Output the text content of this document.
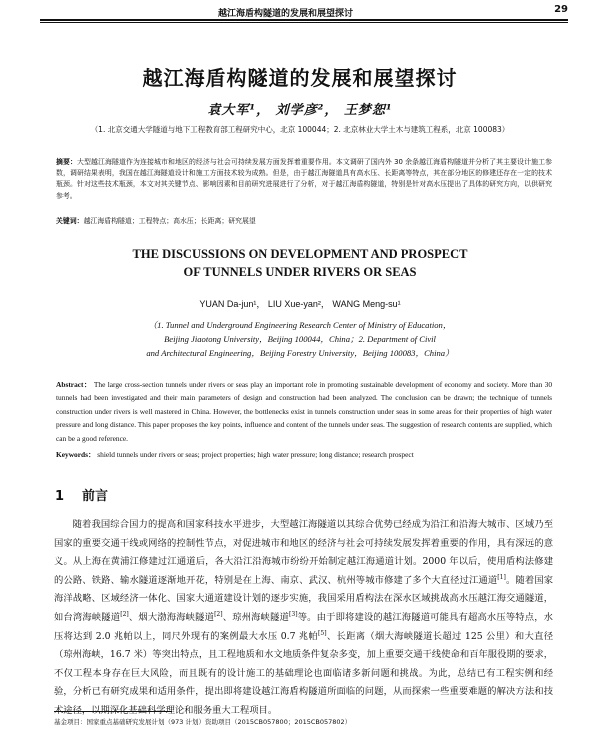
越江海盾构隧道的发展和展望探讨	29
越江海盾构隧道的发展和展望探讨
袁大军¹， 刘学彦²， 王梦恕¹
（1. 北京交通大学隧道与地下工程教育部工程研究中心，北京 100044；2. 北京林业大学土木与建筑工程系，北京 100083）
摘要：大型越江海隧道作为连接城市和地区的经济与社会可持续发展方面发挥着重要作用。本文调研了国内外 30 余条越江海盾构隧道并分析了其主要设计施工参数，调研结果表明，我国在越江海隧道设计和施工方面技术较为成熟。但是，由于越江海隧道具有高水压、长距离等特点，其在部分地区的修建还存在一定的技术瓶颈。针对这些技术瓶颈，本文对其关键节点、影响因素和目前研究进展进行了分析，对于越江海盾构隧道，特别是针对高水压提出了具体的研究方向，以供研究参考。
关键词：越江海盾构隧道；工程特点；高水压；长距离；研究展望
THE DISCUSSIONS ON DEVELOPMENT AND PROSPECT
OF TUNNELS UNDER RIVERS OR SEAS
YUAN Da-jun¹， LIU Xue-yan²， WANG Meng-su¹
（1. Tunnel and Underground Engineering Research Center of Ministry of Education，
Beijing Jiaotong University，Beijing 100044，China；2. Department of Civil
and Architectural Engineering，Beijing Forestry University，Beijing 100083，China）
Abstract： The large cross-section tunnels under rivers or seas play an important role in promoting sustainable development of economy and society. More than 30 tunnels had been investigated and their main parameters of design and construction had been analyzed. The conclusion can be drawn; the technique of tunnels construction under rivers is well mastered in China. However, the bottlenecks exist in tunnels construction under seas in some areas for their properties of high water pressure and long distance. This paper proposes the key points, influence and content of the tunnels under seas. The suggestion of research contents are supplied, which can be a good reference.
Keywords： shield tunnels under rivers or seas; project properties; high water pressure; long distance; research prospect
1 前言
随着我国综合国力的提高和国家科技水平进步，大型越江海隧道以其综合优势已经成为沿江和沿海大城市、区域乃至国家的重要交通干线或网络的控制性节点，对促进城市和地区的经济与社会可持续发展发挥着重要的作用，具有深远的意义。从上海在黄浦江修建过江通道后，各大沿江沿海城市纷纷开始制定越江海通道计划。2000 年以后，使用盾构法修建的公路、铁路、输水隧道逐渐地开花，特别是在上海、南京、武汉、杭州等城市修建了多个大直径过江通道[1]。随着国家海洋战略、区域经济一体化、国家大通道建设计划的逐步实施，我国采用盾构法在深水区域挑战高水压越江海交通隧道，如台湾海峡隧道[2]、烟大渤海海峡隧道[2]、琼州海峡隧道[3]等。由于即将建设的越江海隧道可能具有超高水压等特点，水压将达到 2.0 兆帕以上，同尺外现有的案例最大水压 0.7 兆帕[5]、长距离（烟大海峡隧道长超过 125 公里）和大直径（琼州海峡，16.7 米）等突出特点，且工程地质和水文地质条件复杂多变，加上重要交通干线使命和百年服役期的要求，不仅工程本身存在巨大风险，而且既有的设计施工的基础理论也面临诸多新问题和挑战。为此，总结已有工程实例和经验，分析已有研究成果和适用条件，提出即将建设越江海盾构隧道所面临的问题，从而探索一些重要难题的解决方法和技术途径，以期深化基础科学理论和服务重大工程项目。
基金项目：国家重点基础研究发展计划（973 计划）资助项目（2015CB057800；2015CB057802）
